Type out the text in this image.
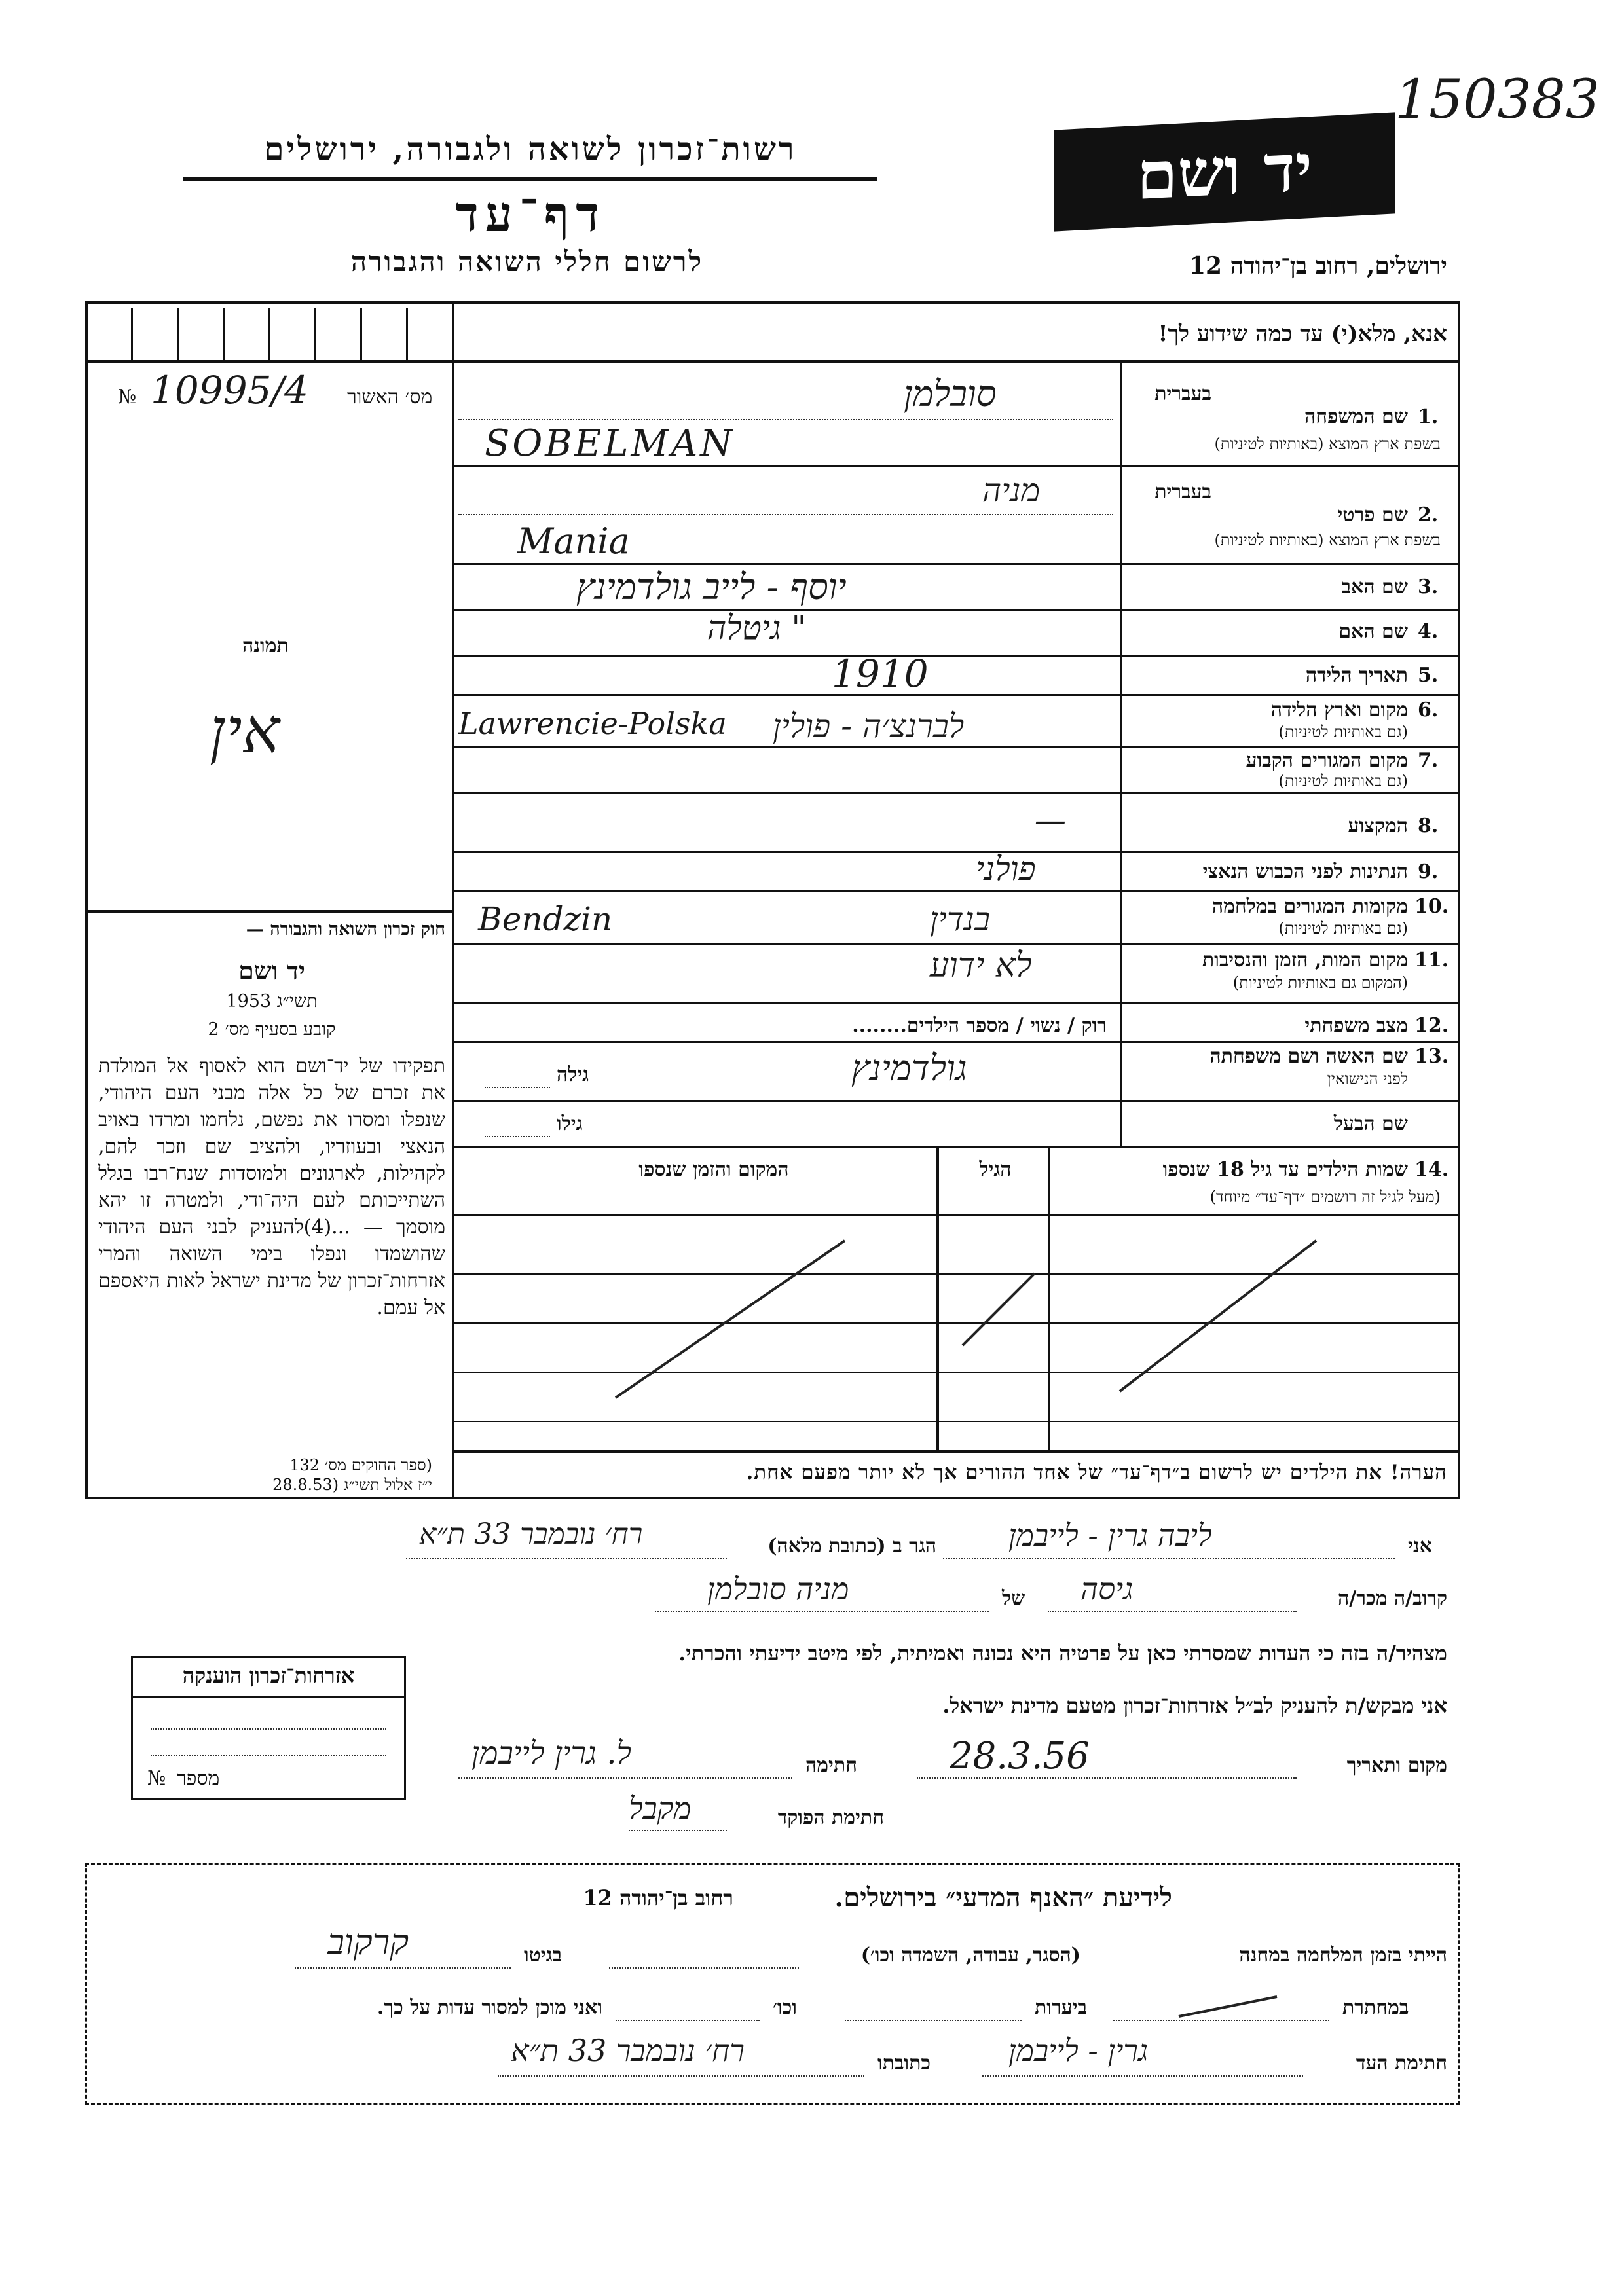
150383
רשות־זכרון לשואה ולגבורה, ירושלים
דף־עד
לרשום חללי השואה והגבורה
יד ושם
ירושלים, רחוב בן־יהודה 12
אנא, מלא(י) עד כמה שידוע לך!
מס׳ האשור
№ 10995/4
תמונה
אין
חוק זכרון השואה והגבורה —
יד ושם
תשי״ג 1953
קובע בסעיף מס׳ 2
תפקידו של יד־ושם הוא לאסוף אל המולדת את זכרם של כל אלה מבני העם היהודי, שנפלו ומסרו את נפשם, נלחמו ומרדו באויב הנאצי ובעוזריו, ולהציב שם וזכר להם, לקהילות, לארגונים ולמוסדות שנח־רבו בגלל השתייכותם לעם היה־ודי, ולמטרה זו יהא מוסמך — ...(4)להעניק לבני העם היהודי שהושמדו ונפלו בימי השואה והמרי אזרחות־זכרון של מדינת ישראל לאות היאספם אל עמם.
(ספר החוקים מס׳ 132
י״ז אלול תשי״ג (28.8.53
בעברית
שם המשפחה 1.
בשפת ארץ המוצא (באותיות לטיניות)
סובלמן
SOBELMAN
בעברית
שם פרטי 2.
בשפת ארץ המוצא (באותיות לטיניות)
מניה
Mania
שם האב 3.
יוסף - לייב גולדמינץ
שם האם 4.
" גיטלה
תאריך הלידה 5.
1910
מקום וארץ הלידה 6.
(גם באותיות לטיניות)
לברנצ׳ה - פולין
Lawrencie-Polska
מקום המגורים הקבוע 7.
(גם באותיות לטיניות)
המקצוע 8.
—
הנתינות לפני הכבוש הנאצי 9.
פולני
מקומות המגורים במלחמה 10.
(גם באותיות לטיניות)
בנדין
Bendzin
מקום המות, הזמן והנסיבות 11.
(המקום גם באותיות לטיניות)
לא ידוע
מצב משפחתי 12.
רוק / נשוי / מספר הילדים........
שם האשה ושם משפחתה 13.
לפני הנישואין
גולדמינץ
גילה
שם הבעל
גילו
שמות הילדים עד גיל 18 שנספו 14.
(מעל לגיל זה רושמים ״דף־עד״ מיוחד)
הגיל
המקום והזמן שנספו
הערה! את הילדים יש לרשום ב״דף־עד״ של אחד ההורים אך לא יותר מפעם אחת.
אני
ליבה גרין - לייבמן
הגר ב (כתובת מלאה)
רח׳ נובמבר 33 ת״א
קרוב/ה מכר/ה
גיסה
של
מניה סובלמן
מצהיר/ה בזה כי העדות שמסרתי כאן על פרטיה היא נכונה ואמיתית, לפי מיטב ידיעתי והכרתי.
אני מבקש/ת להעניק לב״ל אזרחות־זכרון מטעם מדינת ישראל.
מקום ותאריך
28.3.56
חתימה
ל. גרין לייבמן
חתימת הפוקד
מקבל
אזרחות־זכרון הוענקה
מספר
№
לידיעת ״האנף המדעי״ בירושלים.
רחוב בן־יהודה 12
הייתי בזמן המלחמה במחנה
(הסגר, עבודה, השמדה וכו׳)
בגיטו
קרקוב
במחתרת
ביערות
וכו׳
ואני מוכן למסור עדות על כך.
חתימת העד
גרין - לייבמן
כתובתו
רח׳ נובמבר 33 ת״א
